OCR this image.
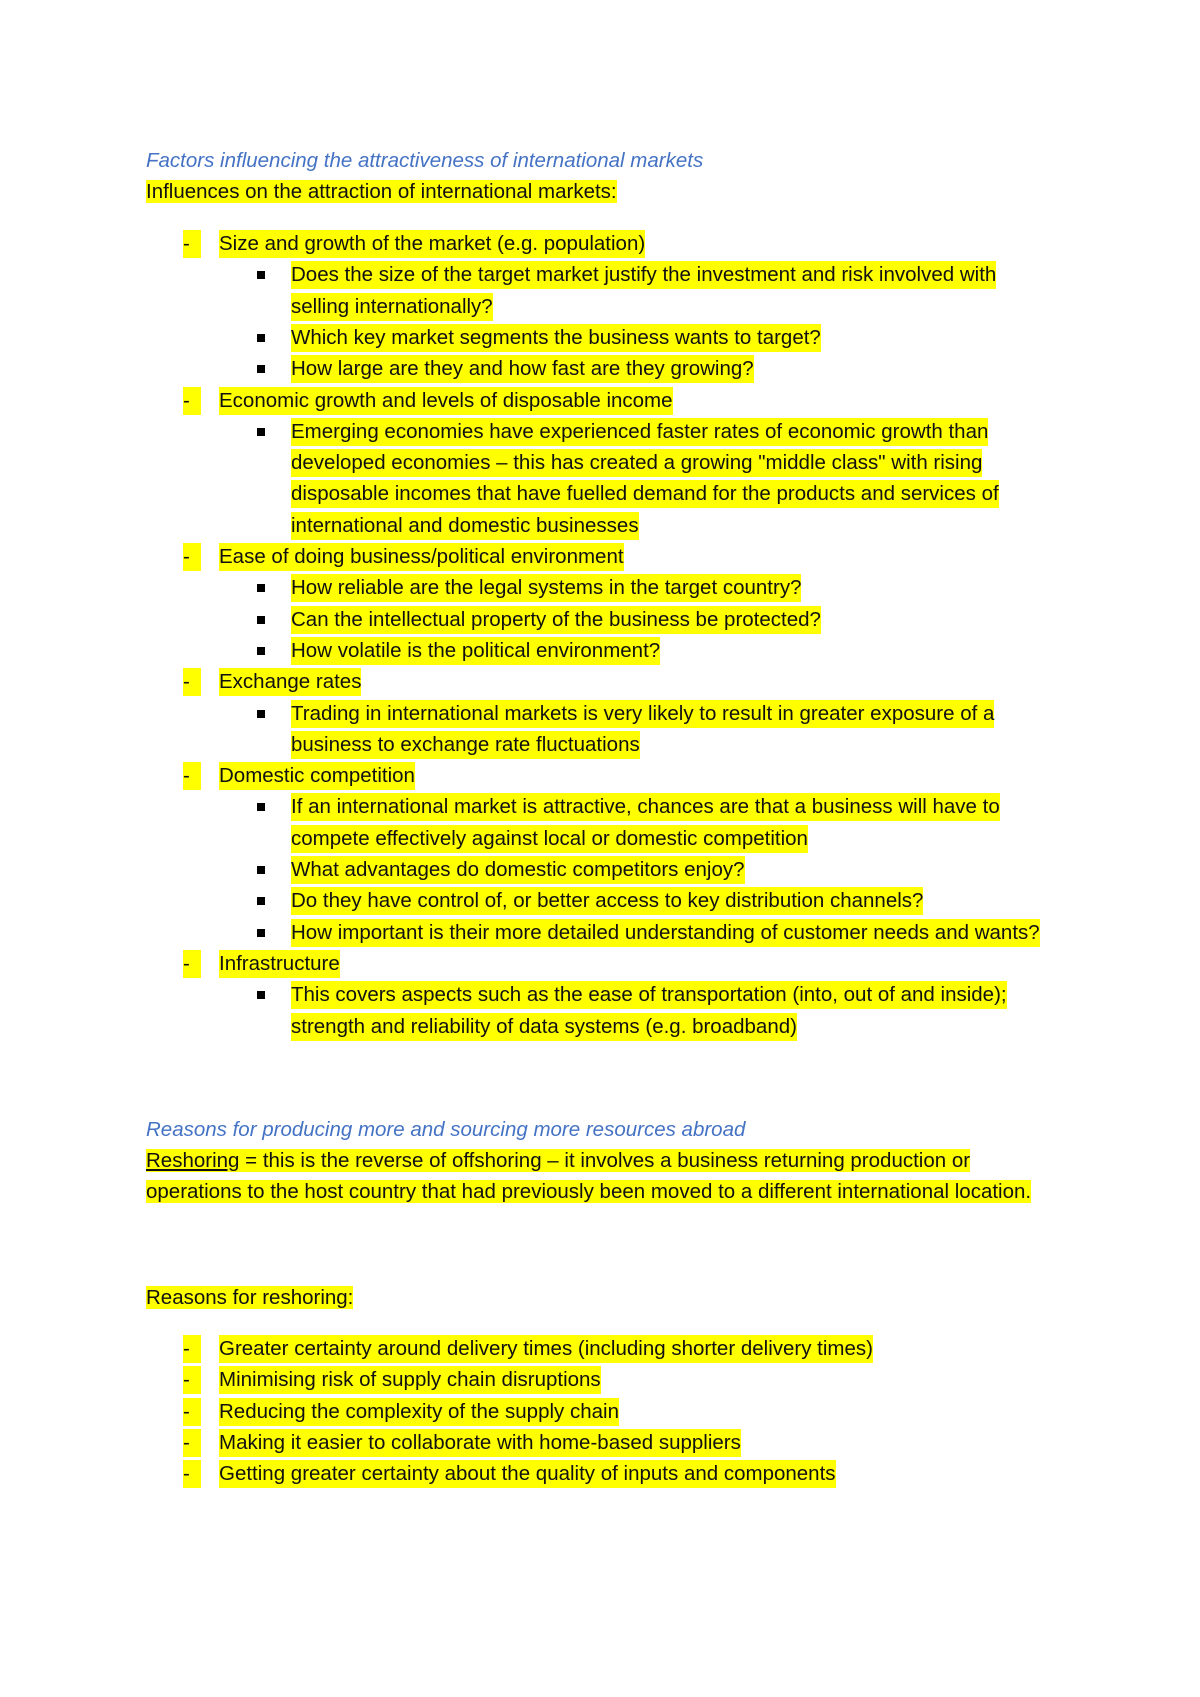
Factors influencing the attractiveness of international markets
Influences on the attraction of international markets:
-	Size and growth of the market (e.g. population)
Does the size of the target market justify the investment and risk involved with
selling internationally?
Which key market segments the business wants to target?
How large are they and how fast are they growing?
-	Economic growth and levels of disposable income
Emerging economies have experienced faster rates of economic growth than
developed economies – this has created a growing "middle class" with rising
disposable incomes that have fuelled demand for the products and services of
international and domestic businesses
-	Ease of doing business/political environment
How reliable are the legal systems in the target country?
Can the intellectual property of the business be protected?
How volatile is the political environment?
-	Exchange rates
Trading in international markets is very likely to result in greater exposure of a
business to exchange rate fluctuations
-	Domestic competition
If an international market is attractive, chances are that a business will have to
compete effectively against local or domestic competition
What advantages do domestic competitors enjoy?
Do they have control of, or better access to key distribution channels?
How important is their more detailed understanding of customer needs and wants?
-	Infrastructure
This covers aspects such as the ease of transportation (into, out of and inside);
strength and reliability of data systems (e.g. broadband)
Reasons for producing more and sourcing more resources abroad
Reshoring = this is the reverse of offshoring – it involves a business returning production or
operations to the host country that had previously been moved to a different international location.
Reasons for reshoring:
-	Greater certainty around delivery times (including shorter delivery times)
-	Minimising risk of supply chain disruptions
-	Reducing the complexity of the supply chain
-	Making it easier to collaborate with home-based suppliers
-	Getting greater certainty about the quality of inputs and components
